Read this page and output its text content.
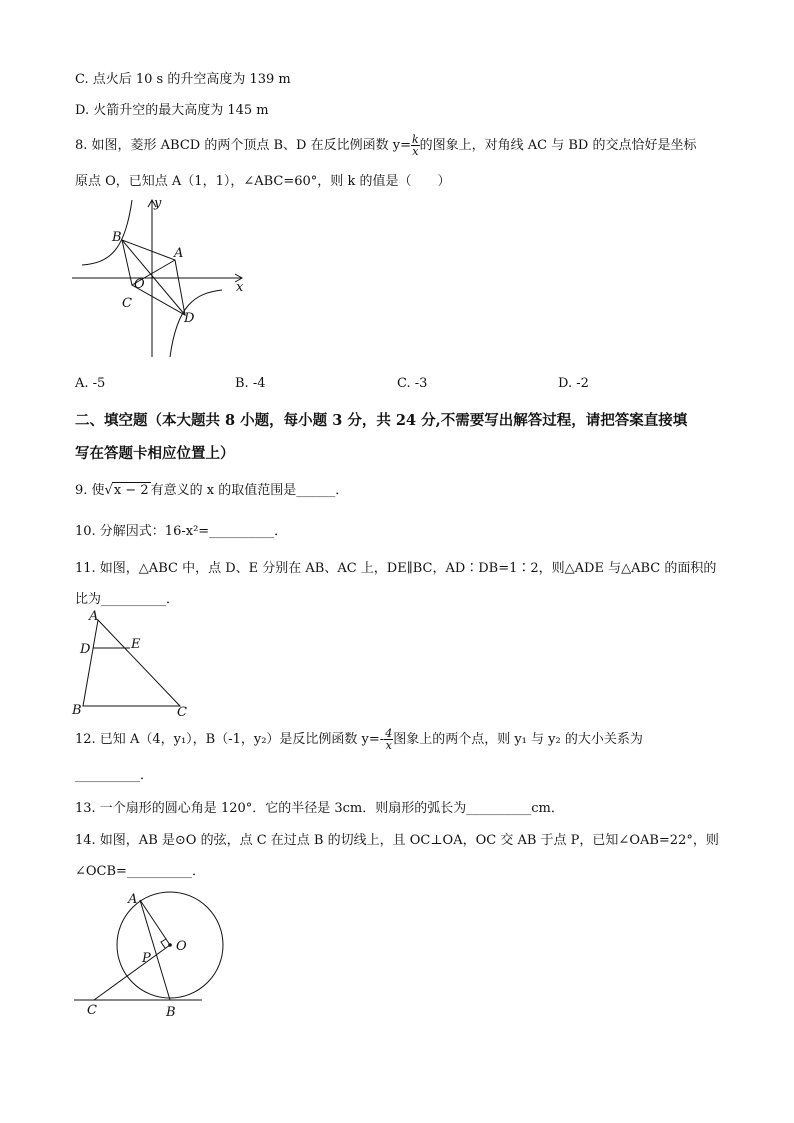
C. 点火后 10 s 的升空高度为 139 m
D. 火箭升空的最大高度为 145 m
8. 如图，菱形 ABCD 的两个顶点 B、D 在反比例函数 $y= \frac{k}{x}$ 的图象上，对角线 AC 与 BD 的交点恰好是坐标
原点 O，已知点 A（1，1），∠ABC=60°，则 k 的值是（　　）
y
x
B
A
O
C
D
A. -5	B. -4	C. -3	D. -2
二、填空题（本大题共 8 小题，每小题 3 分，共 24 分,不需要写出解答过程，请把答案直接填
写在答题卡相应位置上）
9. 使√x − 2 有意义的 x 的取值范围是______．
10. 分解因式：16-x²=__________．
11. 如图，△ABC 中，点 D、E 分别在 AB、AC 上，DE∥BC，AD∶DB=1∶2，则△ADE 与△ABC 的面积的
比为__________．
A
D	E
B	C
12. 已知 A（4，y₁），B（-1，y₂）是反比例函数 $y=- \frac{4}{x}$ 图象上的两个点，则 y₁ 与 y₂ 的大小关系为
__________．
13. 一个扇形的圆心角是 120°．它的半径是 3cm．则扇形的弧长为__________cm．
14. 如图，AB 是⊙O 的弦，点 C 在过点 B 的切线上，且 OC⊥OA，OC 交 AB 于点 P，已知∠OAB=22°，则
∠OCB=__________．
A
O
P
C	B
